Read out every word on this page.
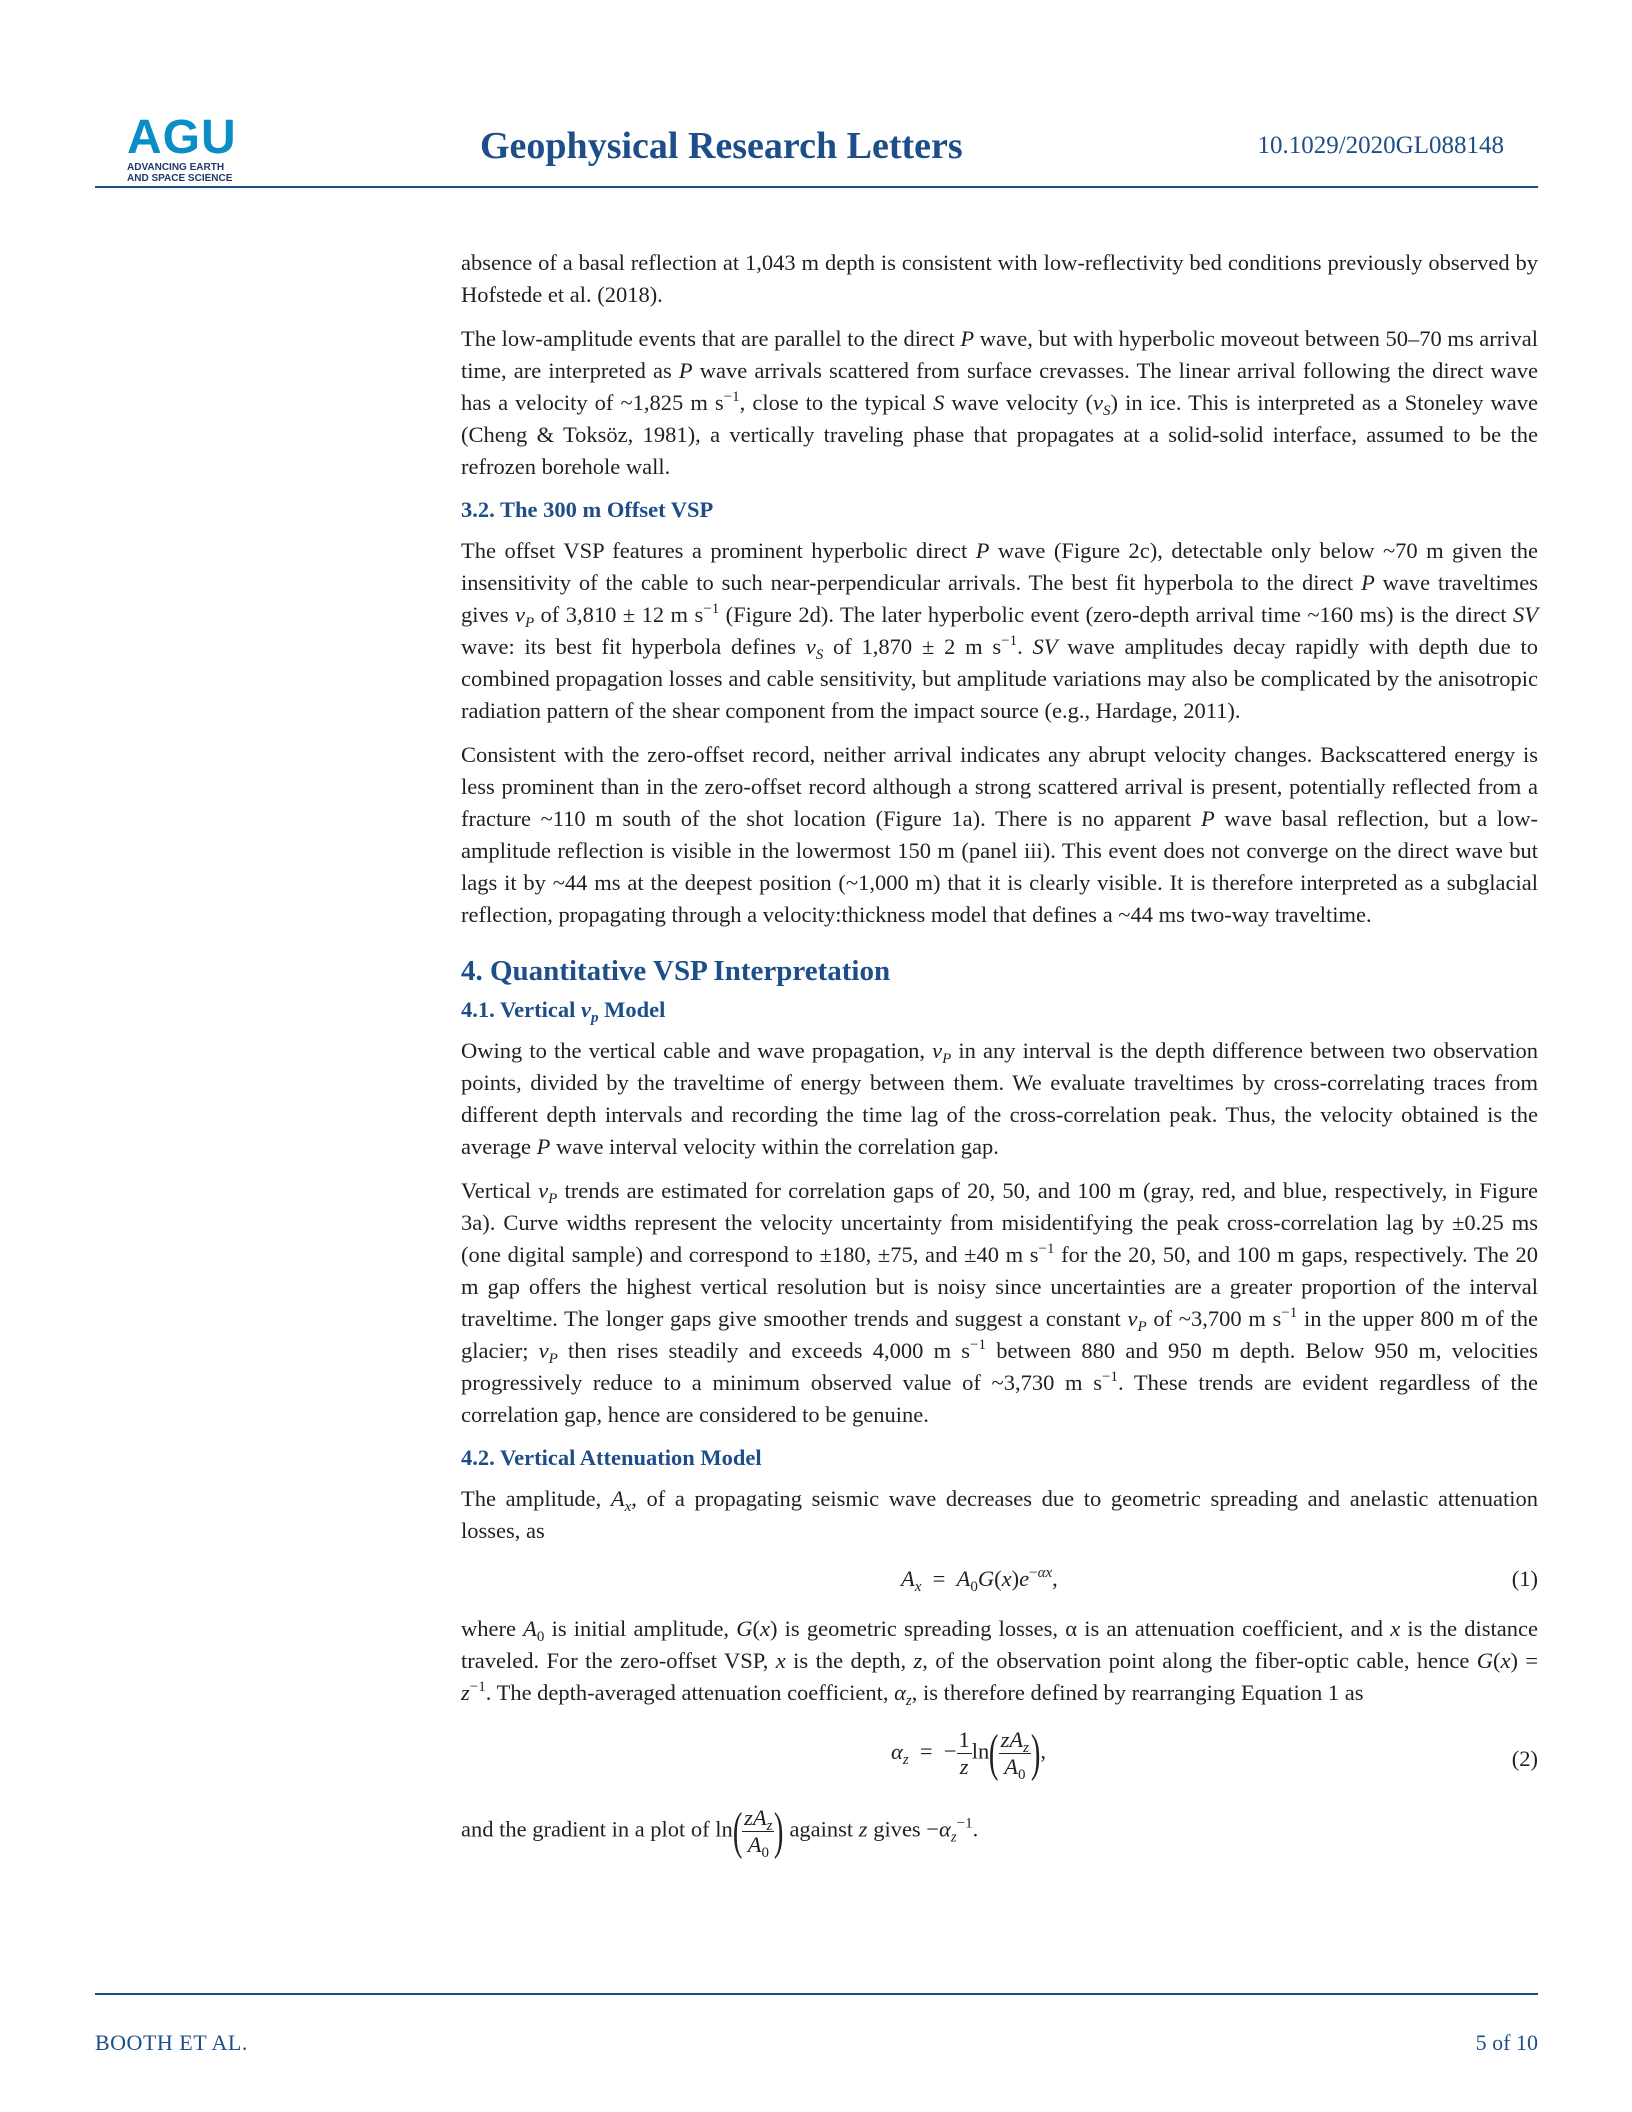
AGU
ADVANCING EARTH
AND SPACE SCIENCE
Geophysical Research Letters	10.1029/2020GL088148

absence of a basal reflection at 1,043 m depth is consistent with low-reflectivity bed conditions previously observed by Hofstede et al. (2018).

The low-amplitude events that are parallel to the direct P wave, but with hyperbolic moveout between 50–70 ms arrival time, are interpreted as P wave arrivals scattered from surface crevasses. The linear arrival following the direct wave has a velocity of ~1,825 m $s^{-1}$, close to the typical S wave velocity $(v_S)$ in ice. This is interpreted as a Stoneley wave (Cheng & Toksöz, 1981), a vertically traveling phase that propagates at a solid-solid interface, assumed to be the refrozen borehole wall.

3.2. The 300 m Offset VSP

The offset VSP features a prominent hyperbolic direct P wave (Figure 2c), detectable only below ~70 m given the insensitivity of the cable to such near-perpendicular arrivals. The best fit hyperbola to the direct P wave traveltimes gives $v_P$ of 3,810 ± 12 m $s^{-1}$ (Figure 2d). The later hyperbolic event (zero-depth arrival time ~160 ms) is the direct SV wave: its best fit hyperbola defines $v_S$ of 1,870 ± 2 m $s^{-1}$. SV wave amplitudes decay rapidly with depth due to combined propagation losses and cable sensitivity, but amplitude variations may also be complicated by the anisotropic radiation pattern of the shear component from the impact source (e.g., Hardage, 2011).

Consistent with the zero-offset record, neither arrival indicates any abrupt velocity changes. Backscattered energy is less prominent than in the zero-offset record although a strong scattered arrival is present, potentially reflected from a fracture ~110 m south of the shot location (Figure 1a). There is no apparent P wave basal reflection, but a low-amplitude reflection is visible in the lowermost 150 m (panel iii). This event does not converge on the direct wave but lags it by ~44 ms at the deepest position (~1,000 m) that it is clearly visible. It is therefore interpreted as a subglacial reflection, propagating through a velocity:thickness model that defines a ~44 ms two-way traveltime.

4. Quantitative VSP Interpretation
4.1. Vertical $v_p$ Model

Owing to the vertical cable and wave propagation, $v_P$ in any interval is the depth difference between two observation points, divided by the traveltime of energy between them. We evaluate traveltimes by cross-correlating traces from different depth intervals and recording the time lag of the cross-correlation peak. Thus, the velocity obtained is the average P wave interval velocity within the correlation gap.

Vertical $v_P$ trends are estimated for correlation gaps of 20, 50, and 100 m (gray, red, and blue, respectively, in Figure 3a). Curve widths represent the velocity uncertainty from misidentifying the peak cross-correlation lag by ±0.25 ms (one digital sample) and correspond to ±180, ±75, and ±40 m $s^{-1}$ for the 20, 50, and 100 m gaps, respectively. The 20 m gap offers the highest vertical resolution but is noisy since uncertainties are a greater proportion of the interval traveltime. The longer gaps give smoother trends and suggest a constant $v_P$ of ~3,700 m $s^{-1}$ in the upper 800 m of the glacier; $v_P$ then rises steadily and exceeds 4,000 m $s^{-1}$ between 880 and 950 m depth. Below 950 m, velocities progressively reduce to a minimum observed value of ~3,730 m $s^{-1}$. These trends are evident regardless of the correlation gap, hence are considered to be genuine.

4.2. Vertical Attenuation Model

The amplitude, $A_x$, of a propagating seismic wave decreases due to geometric spreading and anelastic attenuation losses, as

$A_x = A_0G(x)e^{-\alpha x}$,	(1)

where $A_0$ is initial amplitude, G(x) is geometric spreading losses, α is an attenuation coefficient, and x is the distance traveled. For the zero-offset VSP, x is the depth, z, of the observation point along the fiber-optic cable, hence $G(x) = z^{-1}$. The depth-averaged attenuation coefficient, $\alpha_z$, is therefore defined by rearranging Equation 1 as

$\alpha_z$  =  − $\frac{1}{z} \ln( \frac{zA_z}{A_0}$ ),	(2)

and the gradient in a plot of $\ln( \frac{zA_z}{A_0}$ ) against z gives $-\alpha_z^{-1}$.

BOOTH ET AL.	5 of 10
